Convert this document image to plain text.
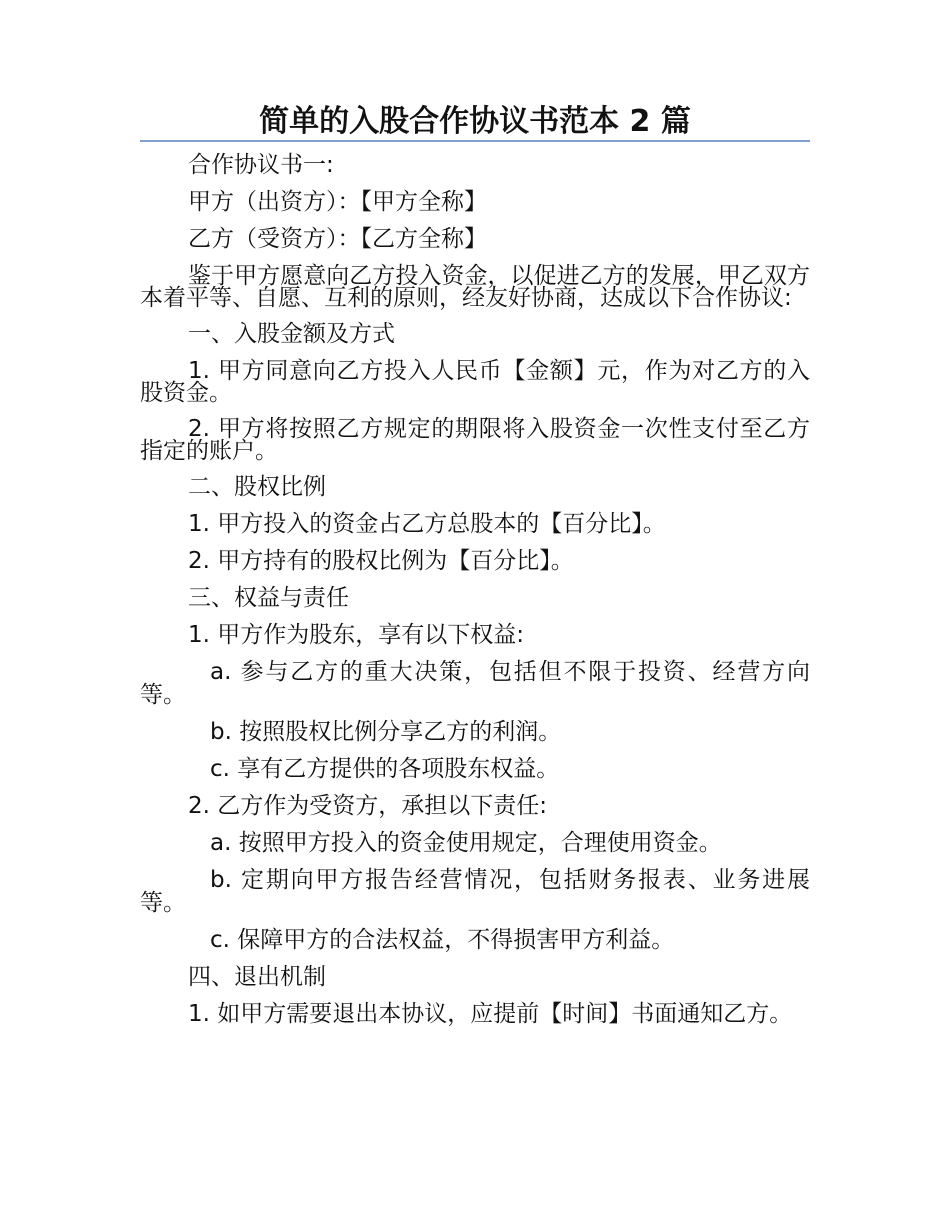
简单的入股合作协议书范本 2 篇

合作协议书一:

甲方（出资方）：【甲方全称】

乙方（受资方）：【乙方全称】

鉴于甲方愿意向乙方投入资金，以促进乙方的发展，甲乙双方本着平等、自愿、互利的原则，经友好协商，达成以下合作协议:

一、入股金额及方式

1. 甲方同意向乙方投入人民币【金额】元，作为对乙方的入股资金。

2. 甲方将按照乙方规定的期限将入股资金一次性支付至乙方指定的账户。

二、股权比例

1. 甲方投入的资金占乙方总股本的【百分比】。

2. 甲方持有的股权比例为【百分比】。

三、权益与责任

1. 甲方作为股东，享有以下权益:

a. 参与乙方的重大决策，包括但不限于投资、经营方向等。

b. 按照股权比例分享乙方的利润。

c. 享有乙方提供的各项股东权益。

2. 乙方作为受资方，承担以下责任:

a. 按照甲方投入的资金使用规定，合理使用资金。

b. 定期向甲方报告经营情况，包括财务报表、业务进展等。

c. 保障甲方的合法权益，不得损害甲方利益。

四、退出机制

1. 如甲方需要退出本协议，应提前【时间】书面通知乙方。
